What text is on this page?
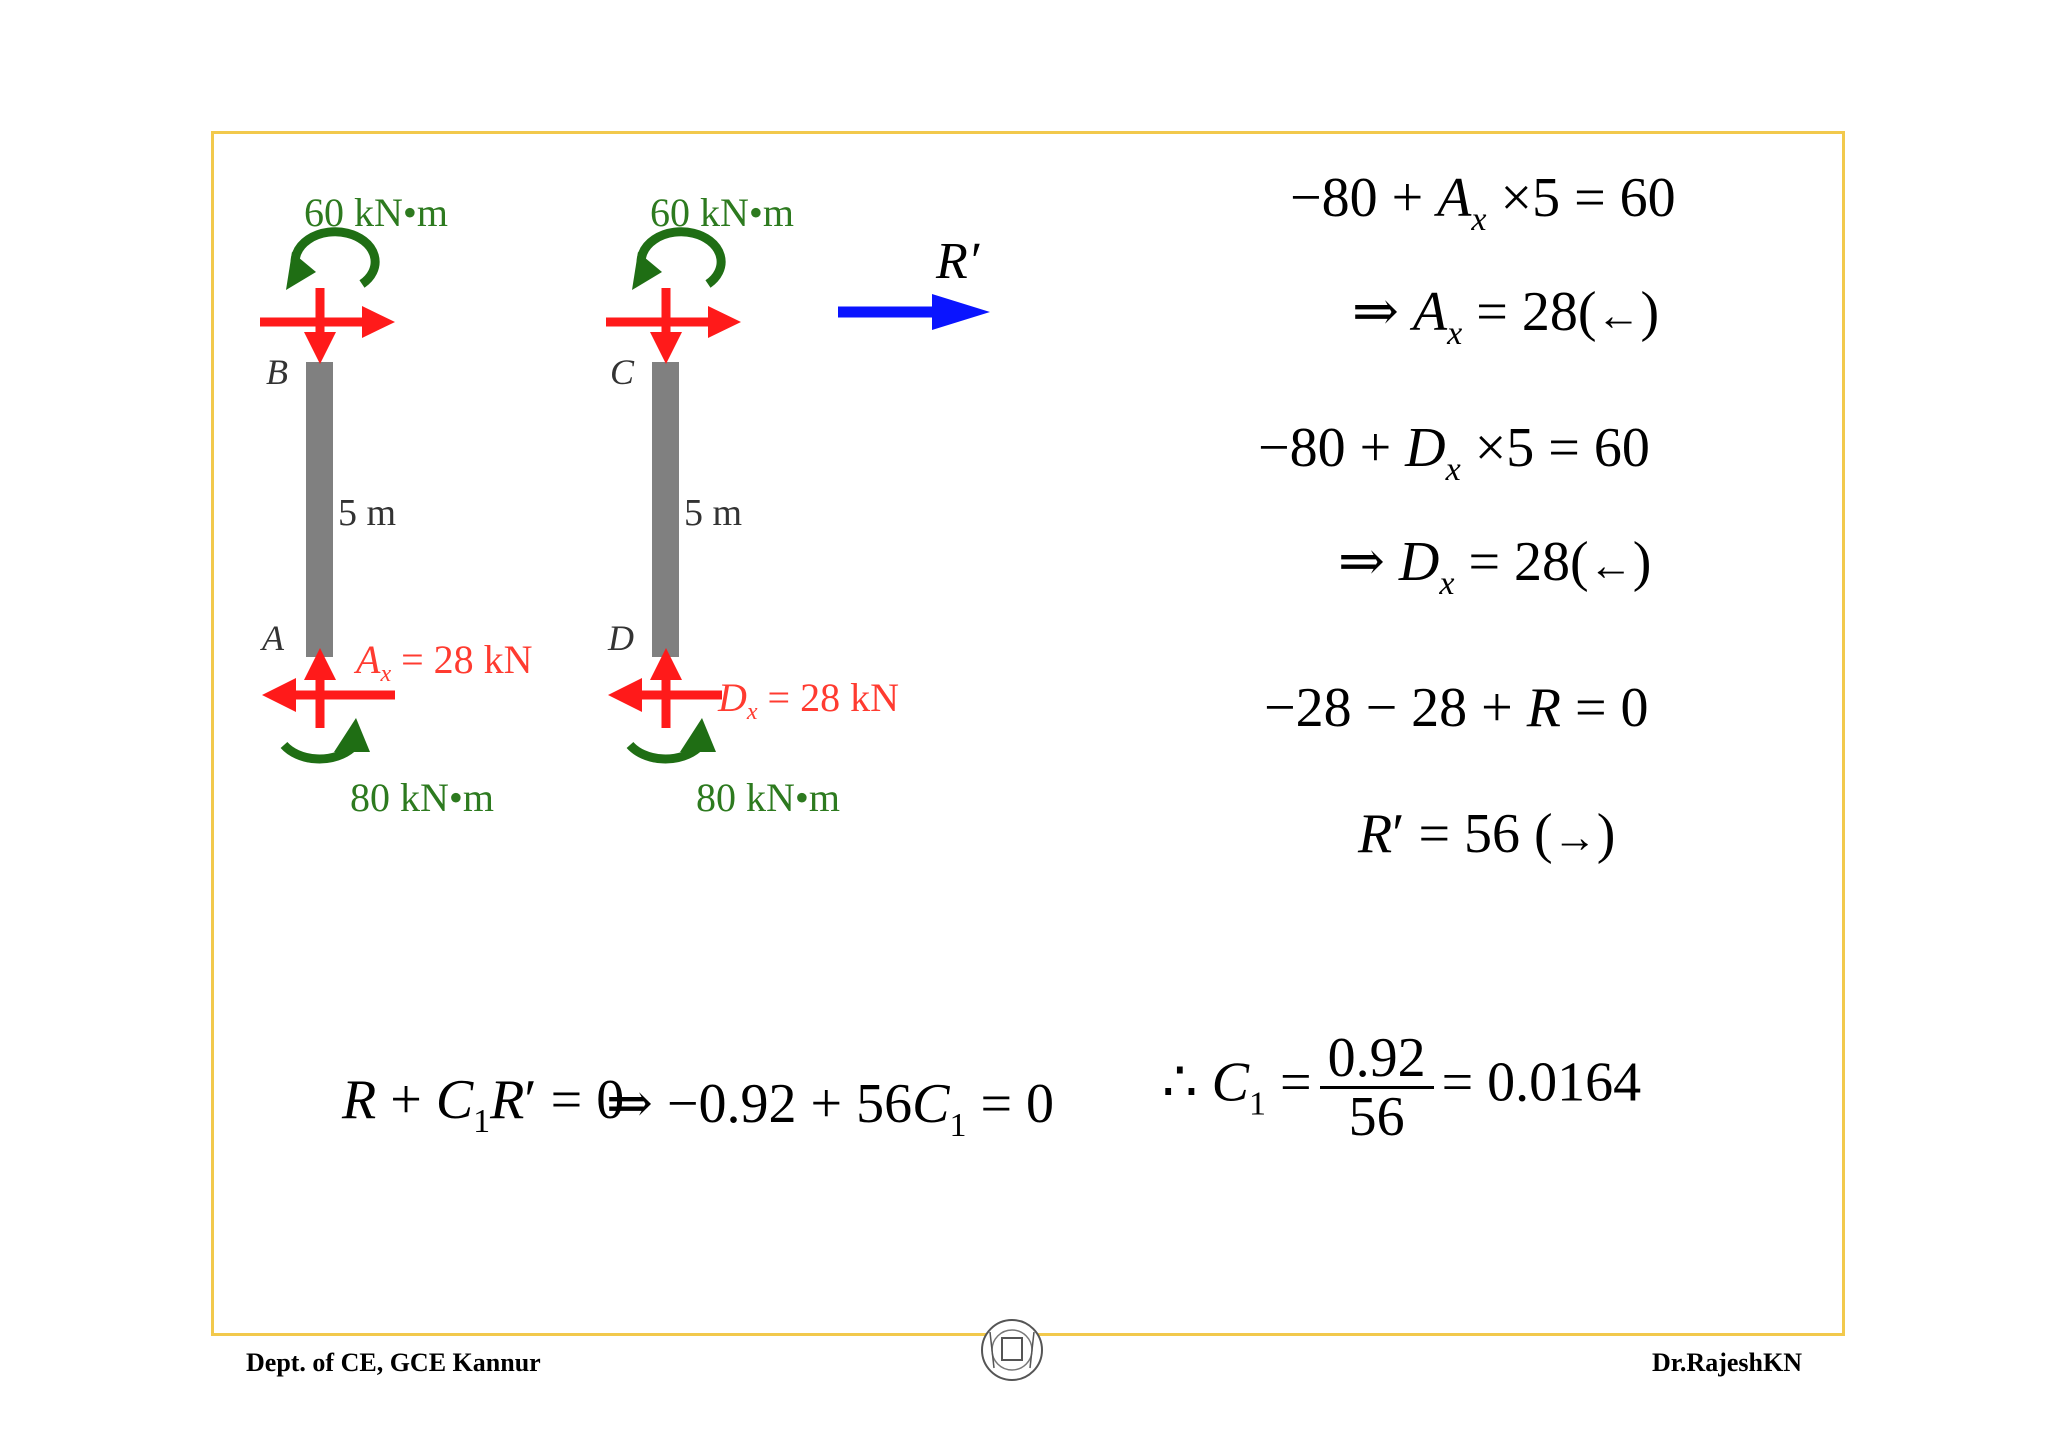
60 kN•m	60 kN•m
B	C
5 m	5 m
A	D
$A_x = 28$ kN
$D_x = 28$ kN
80 kN•m	80 kN•m
R′
$-80 + A_x \times 5 = 60$
⇒ $A_x$ = 28(←)
$-80 + D_x \times 5 = 60$
⇒ $D_x$ = 28(←)
−28 − 28 + R = 0
R′ = 56 (→)
$R + C_1R' = 0$
⇒ $-0.92 + 56C_1 = 0$ ∴ $C_1 = \frac{0.92}{56} = 0.0164$
Dept. of CE, GCE Kannur	Dr.RajeshKN
